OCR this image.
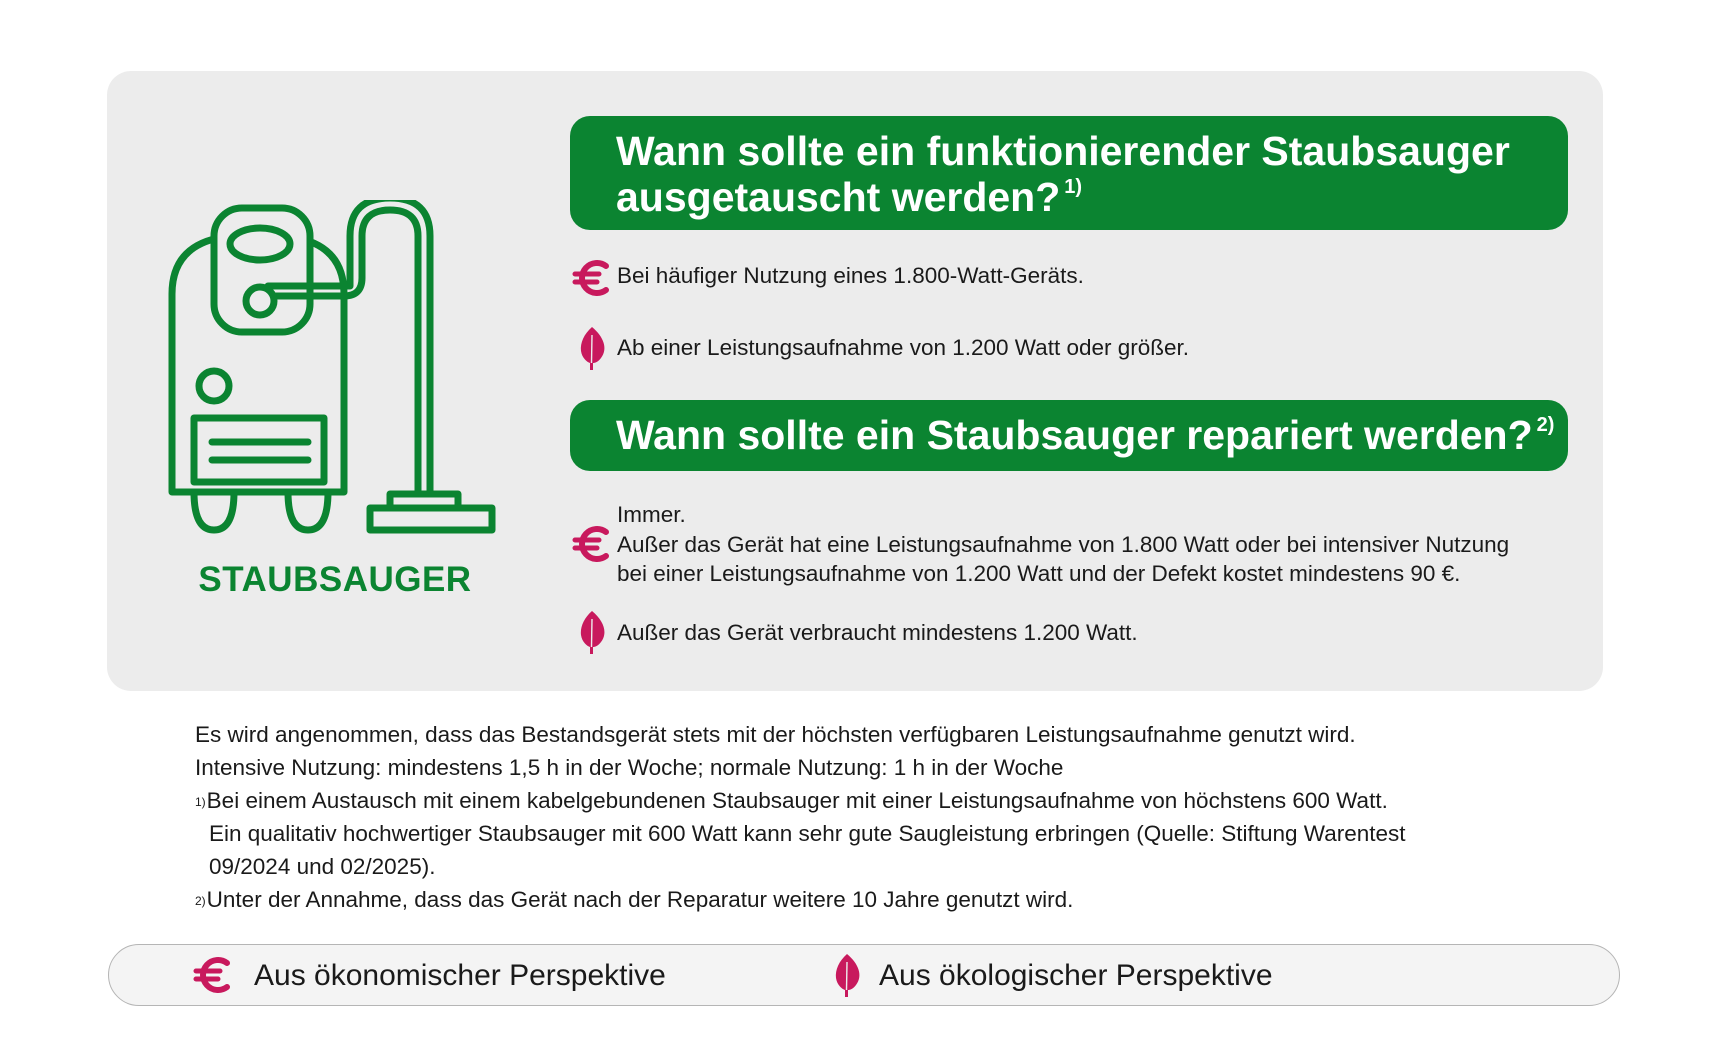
STAUBSAUGER
Wann sollte ein funktionierender Staubsauger
ausgetauscht werden? $^{1)}$
Bei häufiger Nutzung eines 1.800-Watt-Geräts.
Ab einer Leistungsaufnahme von 1.200 Watt oder größer.
Wann sollte ein Staubsauger repariert werden? $^{2)}$
Immer.
Außer das Gerät hat eine Leistungsaufnahme von 1.800 Watt oder bei intensiver Nutzung
bei einer Leistungsaufnahme von 1.200 Watt und der Defekt kostet mindestens 90 €.
Außer das Gerät verbraucht mindestens 1.200 Watt.
Es wird angenommen, dass das Bestandsgerät stets mit der höchsten verfügbaren Leistungsaufnahme genutzt wird.
Intensive Nutzung: mindestens 1,5 h in der Woche; normale Nutzung: 1 h in der Woche
$^{1)}$Bei einem Austausch mit einem kabelgebundenen Staubsauger mit einer Leistungsaufnahme von höchstens 600 Watt.
Ein qualitativ hochwertiger Staubsauger mit 600 Watt kann sehr gute Saugleistung erbringen (Quelle: Stiftung Warentest
09/2024 und 02/2025).
$^{2)}$Unter der Annahme, dass das Gerät nach der Reparatur weitere 10 Jahre genutzt wird.
Aus ökonomischer Perspektive	Aus ökologischer Perspektive
